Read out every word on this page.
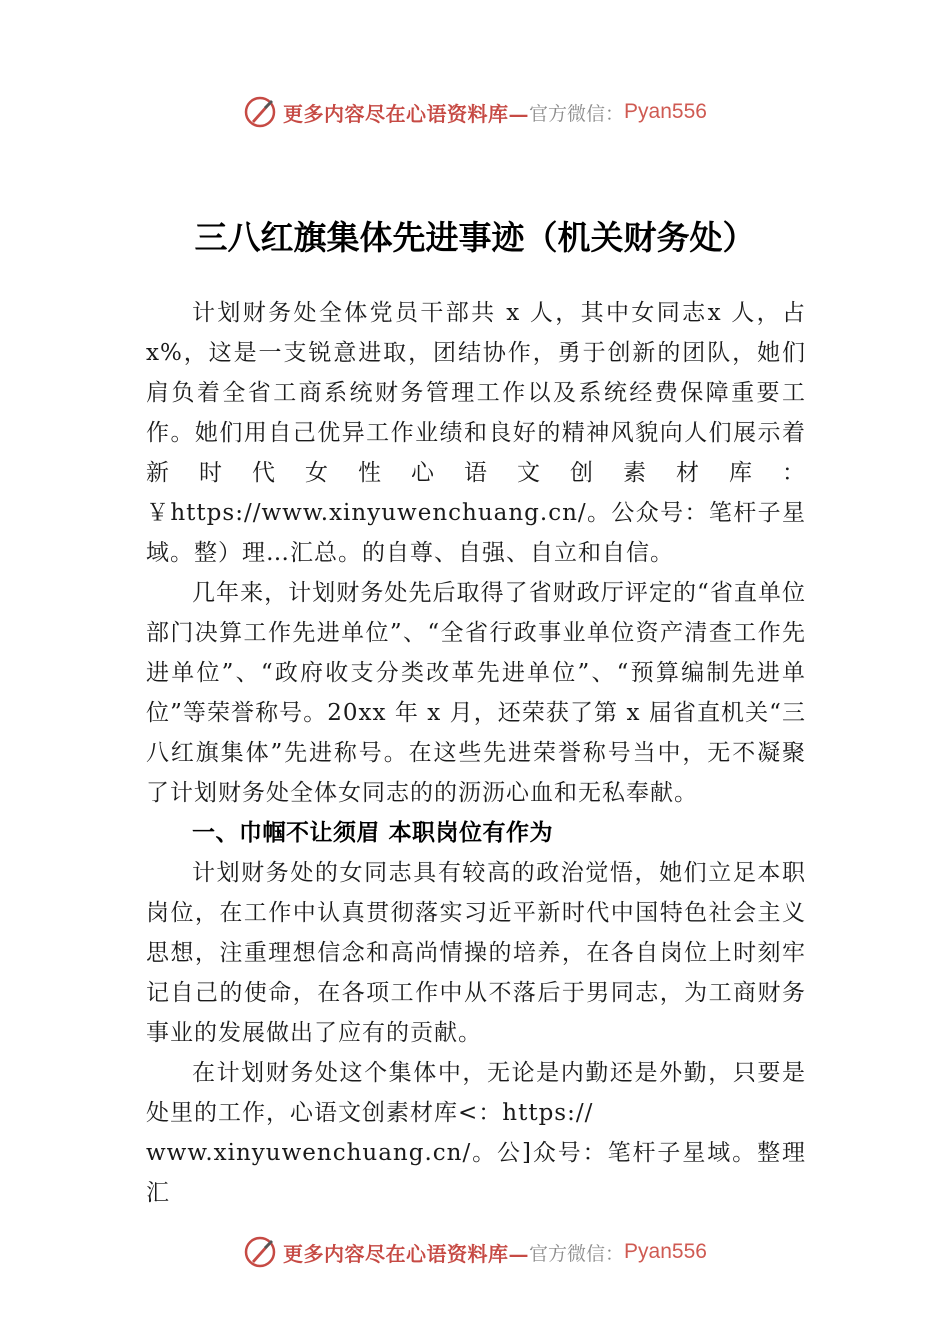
更多内容尽在心语资料库— 官方微信： Pyan556
三八红旗集体先进事迹（机关财务处）

计划财务处全体党员干部共 x 人，其中女同志x 人，占x%，这是一支锐意进取，团结协作，勇于创新的团队，她们肩负着全省工商系统财务管理工作以及系统经费保障重要工作。她们用自己优异工作业绩和良好的精神风貌向人们展示着新时代女性心语文创素材库：￥https://www.xinyuwenchuang.cn/。公众号：笔杆子星域。整）理…汇总。的自尊、自强、自立和自信。

几年来，计划财务处先后取得了省财政厅评定的“省直单位部门决算工作先进单位”、“全省行政事业单位资产清查工作先进单位”、“政府收支分类改革先进单位”、“预算编制先进单位”等荣誉称号。20xx 年 x 月，还荣获了第 x 届省直机关“三八红旗集体”先进称号。在这些先进荣誉称号当中，无不凝聚了计划财务处全体女同志的的沥沥心血和无私奉献。

一、巾帼不让须眉 本职岗位有作为

计划财务处的女同志具有较高的政治觉悟，她们立足本职岗位，在工作中认真贯彻落实习近平新时代中国特色社会主义思想，注重理想信念和高尚情操的培养，在各自岗位上时刻牢记自己的使命，在各项工作中从不落后于男同志，为工商财务事业的发展做出了应有的贡献。

在计划财务处这个集体中，无论是内勤还是外勤，只要是处里的工作，心语文创素材库<：https://

www.xinyuwenchuang.cn/。公]众号：笔杆子星域。整理汇

更多内容尽在心语资料库— 官方微信： Pyan556
